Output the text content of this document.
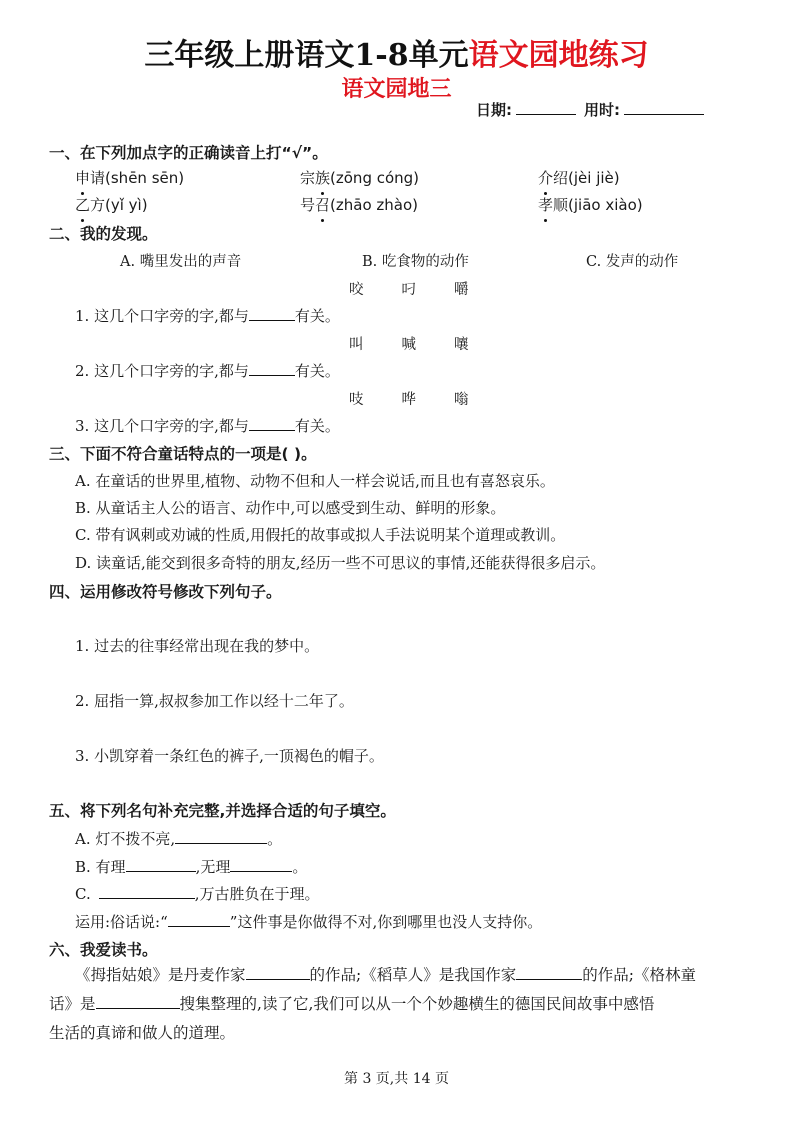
三年级上册语文1-8单元语文园地练习
语文园地三
日期:	用时:
一、在下列加点字的正确读音上打“√”。
申请(shēn sēn)	宗族(zōng cóng)	介绍(jèi jiè)
乙方(yǐ yì)	号召(zhāo zhào)	孝顺(jiāo xiào)
二、我的发现。
A. 嘴里发出的声音	B. 吃食物的动作	C. 发声的动作
咬	叼	嚼
1. 这几个口字旁的字,都与	有关。
叫	喊	嚷
2. 这几个口字旁的字,都与	有关。
吱	哗	嗡
3. 这几个口字旁的字,都与	有关。
三、下面不符合童话特点的一项是( )。
A. 在童话的世界里,植物、动物不但和人一样会说话,而且也有喜怒哀乐。
B. 从童话主人公的语言、动作中,可以感受到生动、鲜明的形象。
C. 带有讽刺或劝诫的性质,用假托的故事或拟人手法说明某个道理或教训。
D. 读童话,能交到很多奇特的朋友,经历一些不可思议的事情,还能获得很多启示。
四、运用修改符号修改下列句子。
1. 过去的往事经常出现在我的梦中。
2. 屈指一算,叔叔参加工作以经十二年了。
3. 小凯穿着一条红色的裤子,一顶褐色的帽子。
五、将下列名句补充完整,并选择合适的句子填空。
A. 灯不拨不亮,	。
B. 有理	,无理	。
C.	,万古胜负在于理。
运用:俗话说:“	”这件事是你做得不对,你到哪里也没人支持你。
六、我爱读书。
《拇指姑娘》是丹麦作家	的作品;《稻草人》是我国作家	的作品;《格林童
话》是	搜集整理的,读了它,我们可以从一个个妙趣横生的德国民间故事中感悟
生活的真谛和做人的道理。
第 3 页,共 14 页
